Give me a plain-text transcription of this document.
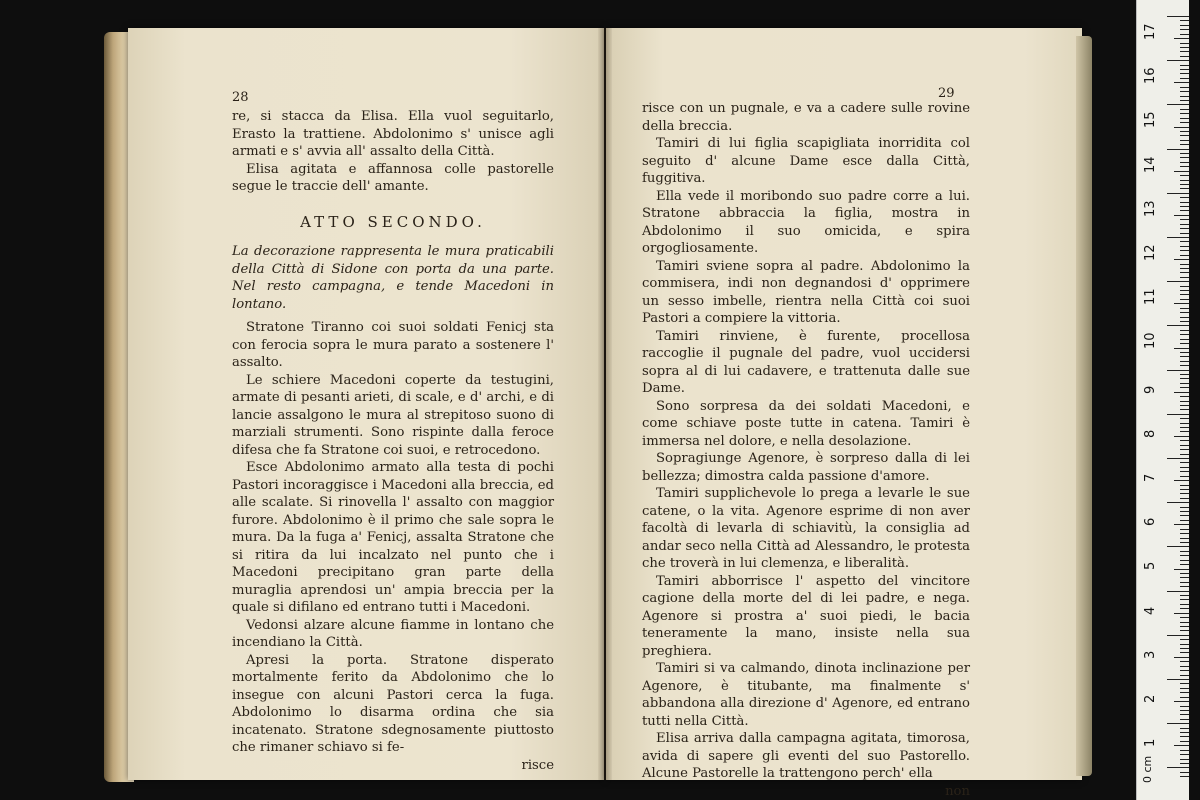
28

re, si stacca da Elisa. Ella vuol seguitarlo, Erasto la trattiene. Abdolonimo s' unisce agli armati e s' avvia all' assalto della Città.

Elisa agitata e affannosa colle pastorelle segue le traccie dell' amante.

ATTO SECONDO.

La decorazione rappresenta le mura praticabili della Città di Sidone con porta da una parte. Nel resto campagna, e tende Macedoni in lontano.

Stratone Tiranno coi suoi soldati Fenicj sta con ferocia sopra le mura parato a sostenere l' assalto.

Le schiere Macedoni coperte da testugini, armate di pesanti arieti, di scale, e d' archi, e di lancie assalgono le mura al strepitoso suono di marziali strumenti. Sono rispinte dalla feroce difesa che fa Stratone coi suoi, e retrocedono.

Esce Abdolonimo armato alla testa di pochi Pastori incoraggisce i Macedoni alla breccia, ed alle scalate. Si rinovella l' assalto con maggior furore. Abdolonimo è il primo che sale sopra le mura. Da la fuga a' Fenicj, assalta Stratone che si ritira da lui incalzato nel punto che i Macedoni precipitano gran parte della muraglia aprendosi un' ampia breccia per la quale si difilano ed entrano tutti i Macedoni.

Vedonsi alzare alcune fiamme in lontano che incendiano la Città.

Apresi la porta. Stratone disperato mortalmente ferito da Abdolonimo che lo insegue con alcuni Pastori cerca la fuga. Abdolonimo lo disarma ordina che sia incatenato. Stratone sdegnosamente piuttosto che rimaner schiavo si fe-

risce

29

risce con un pugnale, e va a cadere sulle rovine della breccia.

Tamiri di lui figlia scapigliata inorridita col seguito d' alcune Dame esce dalla Città, fuggitiva.

Ella vede il moribondo suo padre corre a lui. Stratone abbraccia la figlia, mostra in Abdolonimo il suo omicida, e spira orgogliosamente.

Tamiri sviene sopra al padre. Abdolonimo la commisera, indi non degnandosi d' opprimere un sesso imbelle, rientra nella Città coi suoi Pastori a compiere la vittoria.

Tamiri rinviene, è furente, procellosa raccoglie il pugnale del padre, vuol uccidersi sopra al di lui cadavere, e trattenuta dalle sue Dame.

Sono sorpresa da dei soldati Macedoni, e come schiave poste tutte in catena. Tamiri è immersa nel dolore, e nella desolazione.

Sopragiunge Agenore, è sorpreso dalla di lei bellezza; dimostra calda passione d'amore.

Tamiri supplichevole lo prega a levarle le sue catene, o la vita. Agenore esprime di non aver facoltà di levarla di schiavitù, la consiglia ad andar seco nella Città ad Alessandro, le protesta che troverà in lui clemenza, e liberalità.

Tamiri abborrisce l' aspetto del vincitore cagione della morte del di lei padre, e nega. Agenore si prostra a' suoi piedi, le bacia teneramente la mano, insiste nella sua preghiera.

Tamiri si va calmando, dinota inclinazione per Agenore, è titubante, ma finalmente s' abbandona alla direzione d' Agenore, ed entrano tutti nella Città.

Elisa arriva dalla campagna agitata, timorosa, avida di sapere gli eventi del suo Pastorello. Alcune Pastorelle la trattengono perch' ella

non

0 cm
17
16
15
14
13
12
11
10
9
8
7
6
5
4
3
2
1
